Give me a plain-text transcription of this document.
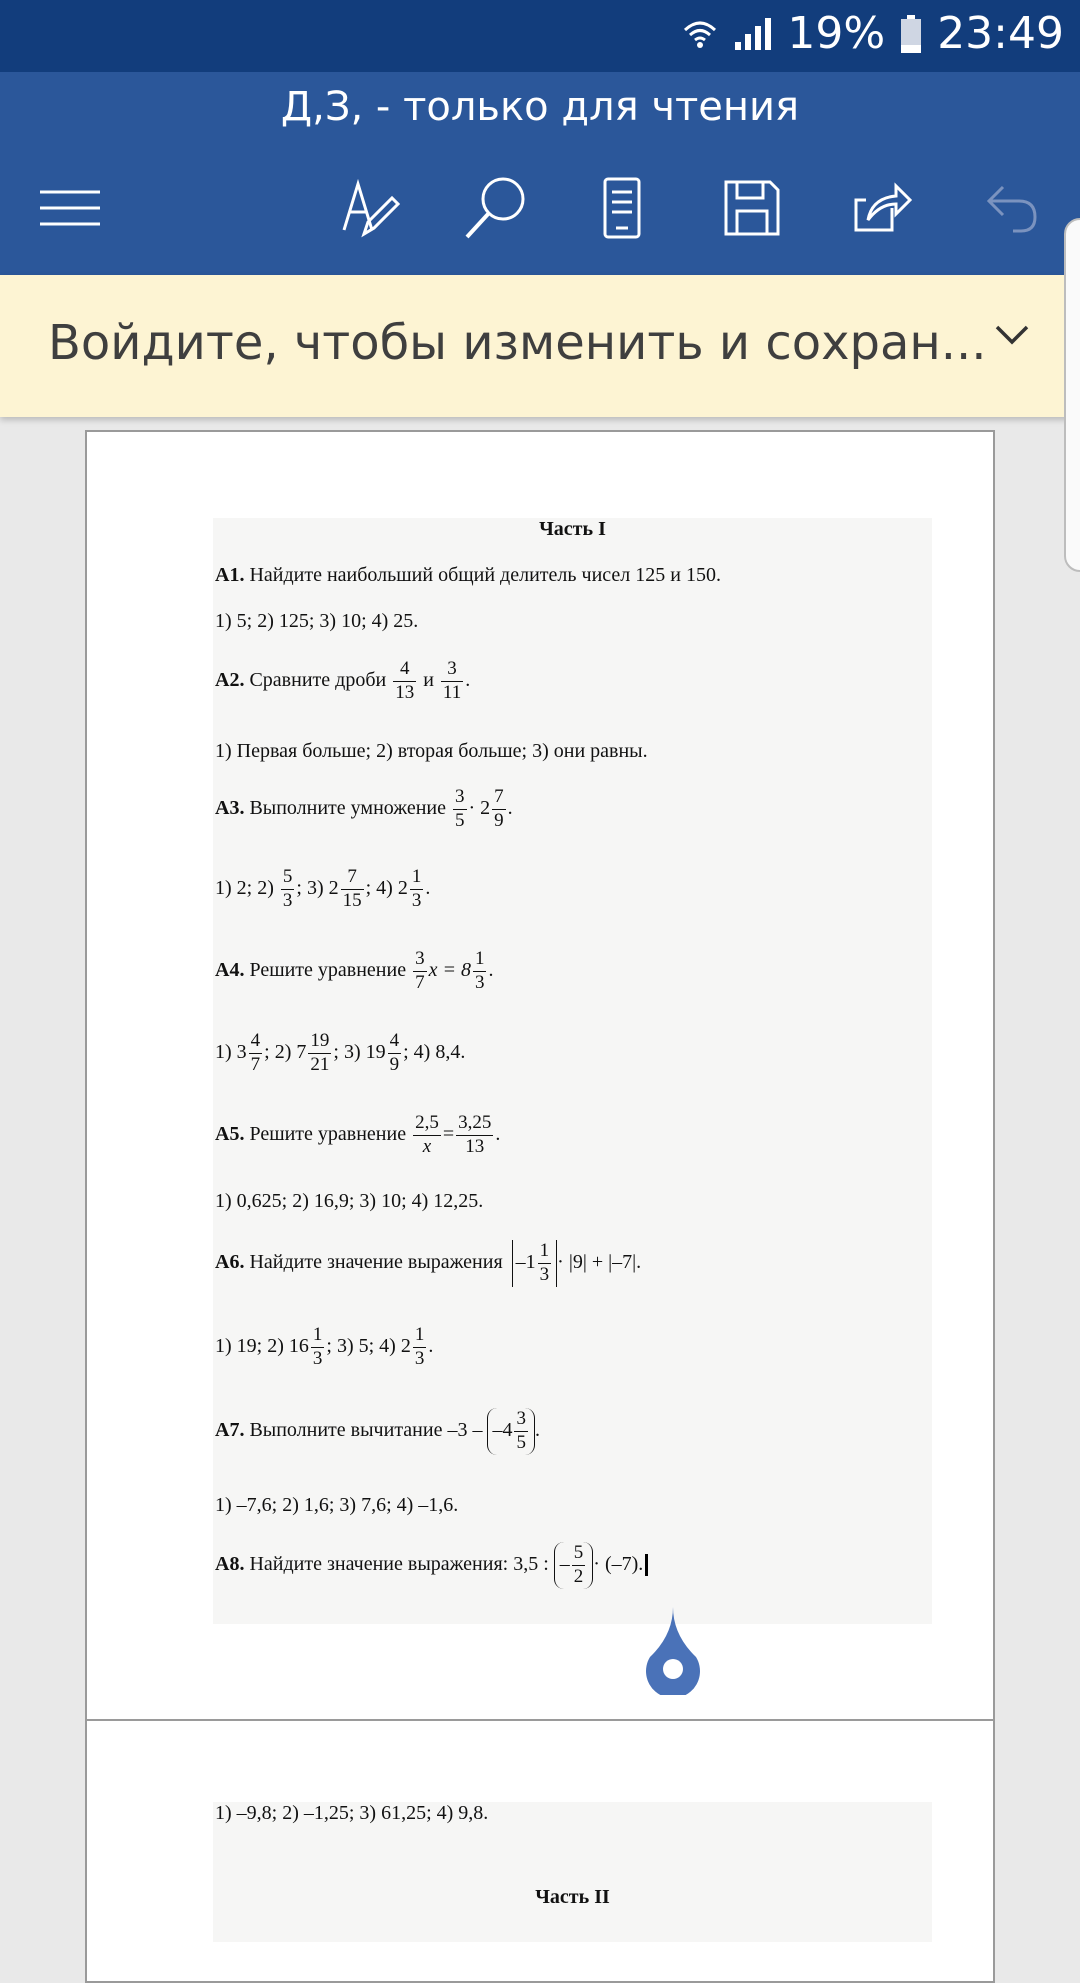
19% 23:49
Д,З, - только для чтения
Войдите, чтобы изменить и сохран...
Часть I
А1. Найдите наибольший общий делитель чисел 125 и 150.
1) 5; 2) 125; 3) 10; 4) 25.
А2. Сравните дроби $\frac{4}{13}$ и $\frac{3}{11}$ .
1) Первая больше; 2) вторая больше; 3) они равны.
А3. Выполните умножение $\frac{3}{5} \cdot 2 \frac{7}{9}$ .
1) 2; $2) \frac{5}{3}$ ; 3) $2 \frac{7}{15}$ ; 4) $2 \frac{1}{3}$ .
А4. Решите уравнение $\frac{3}{7}$ $x = 8 \frac{1}{3}$ .
1) $3 \frac{4}{7}$ ; 2) $7 \frac{19}{21}$ ; 3) $19 \frac{4}{9}$ ; 4) 8,4.
А5. Решите уравнение $\frac{2,5}{x} = \frac{3,25}{13}$ .
1) 0,625; 2) 16,9; 3) 10; 4) 12,25.
А6. Найдите значение выражения $-1 \frac{1}{3} \cdot |9| + |-7|$.
1) 19; 2) $16 \frac{1}{3}$ ; 3) 5; 4) $2 \frac{1}{3}$ .
А7. Выполните вычитание $-3 - -4 \frac{3}{5}$ .
1) –7,6; 2) 1,6; 3) 7,6; 4) –1,6.
А8. Найдите значение выражения: 3,5 : – $\frac{5}{2} \cdot (-7)$.
1) –9,8; 2) –1,25; 3) 61,25; 4) 9,8.
Часть II
